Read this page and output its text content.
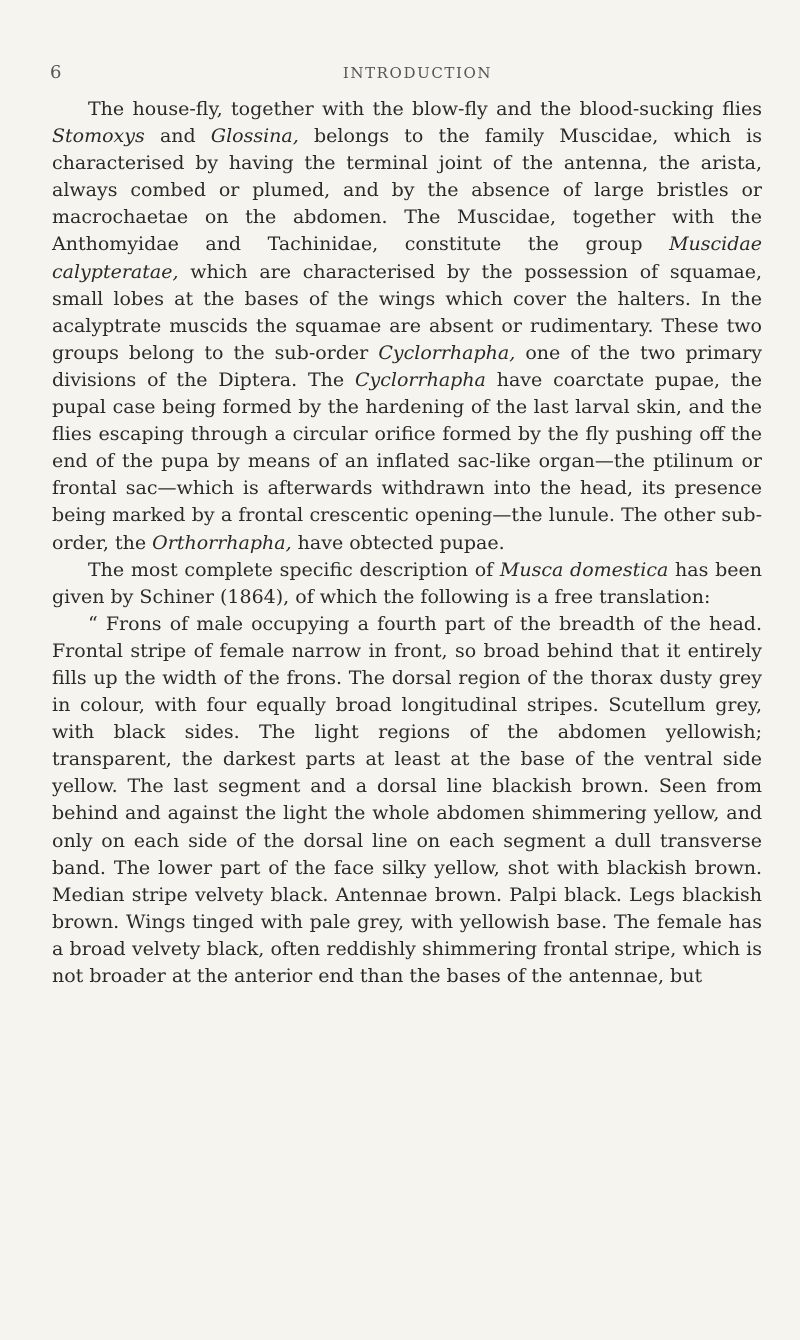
6	INTRODUCTION

The house-fly, together with the blow-fly and the blood-sucking flies Stomoxys and Glossina, belongs to the family Muscidae, which is characterised by having the terminal joint of the antenna, the arista, always combed or plumed, and by the absence of large bristles or macrochaetae on the abdomen. The Muscidae, together with the Anthomyidae and Tachinidae, constitute the group Muscidae calypteratae, which are characterised by the possession of squamae, small lobes at the bases of the wings which cover the halters. In the acalyptrate muscids the squamae are absent or rudimentary. These two groups belong to the sub-order Cyclorrhapha, one of the two primary divisions of the Diptera. The Cyclorrhapha have coarctate pupae, the pupal case being formed by the hardening of the last larval skin, and the flies escaping through a circular orifice formed by the fly pushing off the end of the pupa by means of an inflated sac-like organ—the ptilinum or frontal sac—which is afterwards withdrawn into the head, its presence being marked by a frontal crescentic opening—the lunule. The other sub-order, the Orthorrhapha, have obtected pupae.

The most complete specific description of Musca domestica has been given by Schiner (1864), of which the following is a free translation:

“ Frons of male occupying a fourth part of the breadth of the head. Frontal stripe of female narrow in front, so broad behind that it entirely fills up the width of the frons. The dorsal region of the thorax dusty grey in colour, with four equally broad longitudinal stripes. Scutellum grey, with black sides. The light regions of the abdomen yellowish; transparent, the darkest parts at least at the base of the ventral side yellow. The last segment and a dorsal line blackish brown. Seen from behind and against the light the whole abdomen shimmering yellow, and only on each side of the dorsal line on each segment a dull transverse band. The lower part of the face silky yellow, shot with blackish brown. Median stripe velvety black. Antennae brown. Palpi black. Legs blackish brown. Wings tinged with pale grey, with yellowish base. The female has a broad velvety black, often reddishly shimmering frontal stripe, which is not broader at the anterior end than the bases of the antennae, but
